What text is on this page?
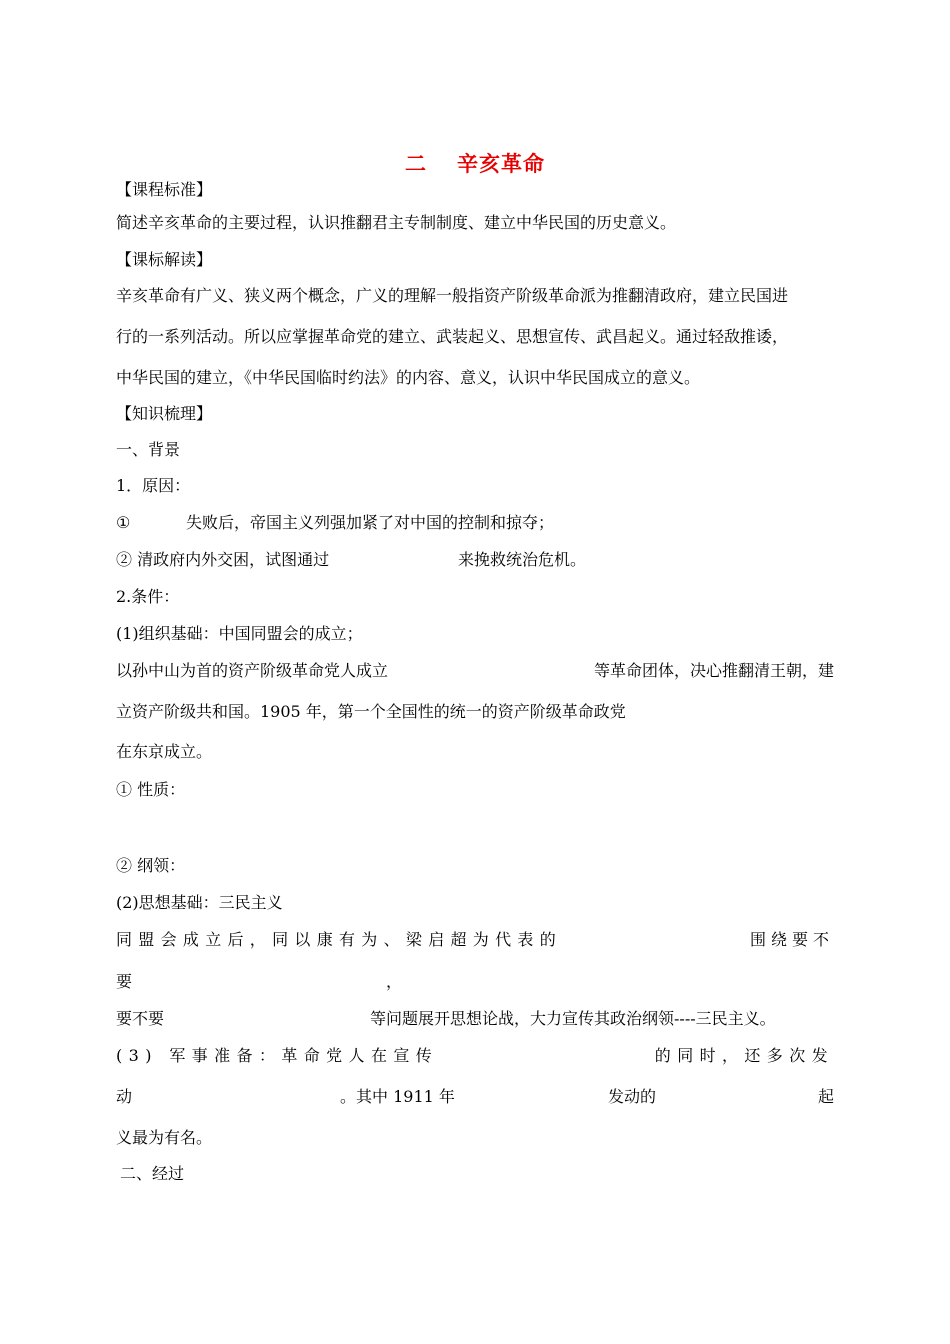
二 辛亥革命
【课程标准】
简述辛亥革命的主要过程，认识推翻君主专制制度、建立中华民国的历史意义。
【课标解读】
辛亥革命有广义、狭义两个概念，广义的理解一般指资产阶级革命派为推翻清政府，建立民国进
行的一系列活动。所以应掌握革命党的建立、武装起义、思想宣传、武昌起义。通过轻敌推诿，
中华民国的建立，《中华民国临时约法》的内容、意义，认识中华民国成立的意义。
【知识梳理】
一、背景
1．原因：
①	失败后，帝国主义列强加紧了对中国的控制和掠夺；
② 清政府内外交困，试图通过	来挽救统治危机。
2.条件：
(1)组织基础：中国同盟会的成立；
以孙中山为首的资产阶级革命党人成立	等革命团体，决心推翻清王朝，建
立资产阶级共和国。1905 年，第一个全国性的统一的资产阶级革命政党
在东京成立。
① 性质：
② 纲领：
(2)思想基础：三民主义
同盟会成立后，同以康有为、梁启超为代表的	围绕要不
要	，
要不要	等问题展开思想论战，大力宣传其政治纲领----三民主义。
(3) 军事准备：革命党人在宣传	的同时，还多次发
动	。其中 1911 年	发动的	起
义最为有名。
二、经过
